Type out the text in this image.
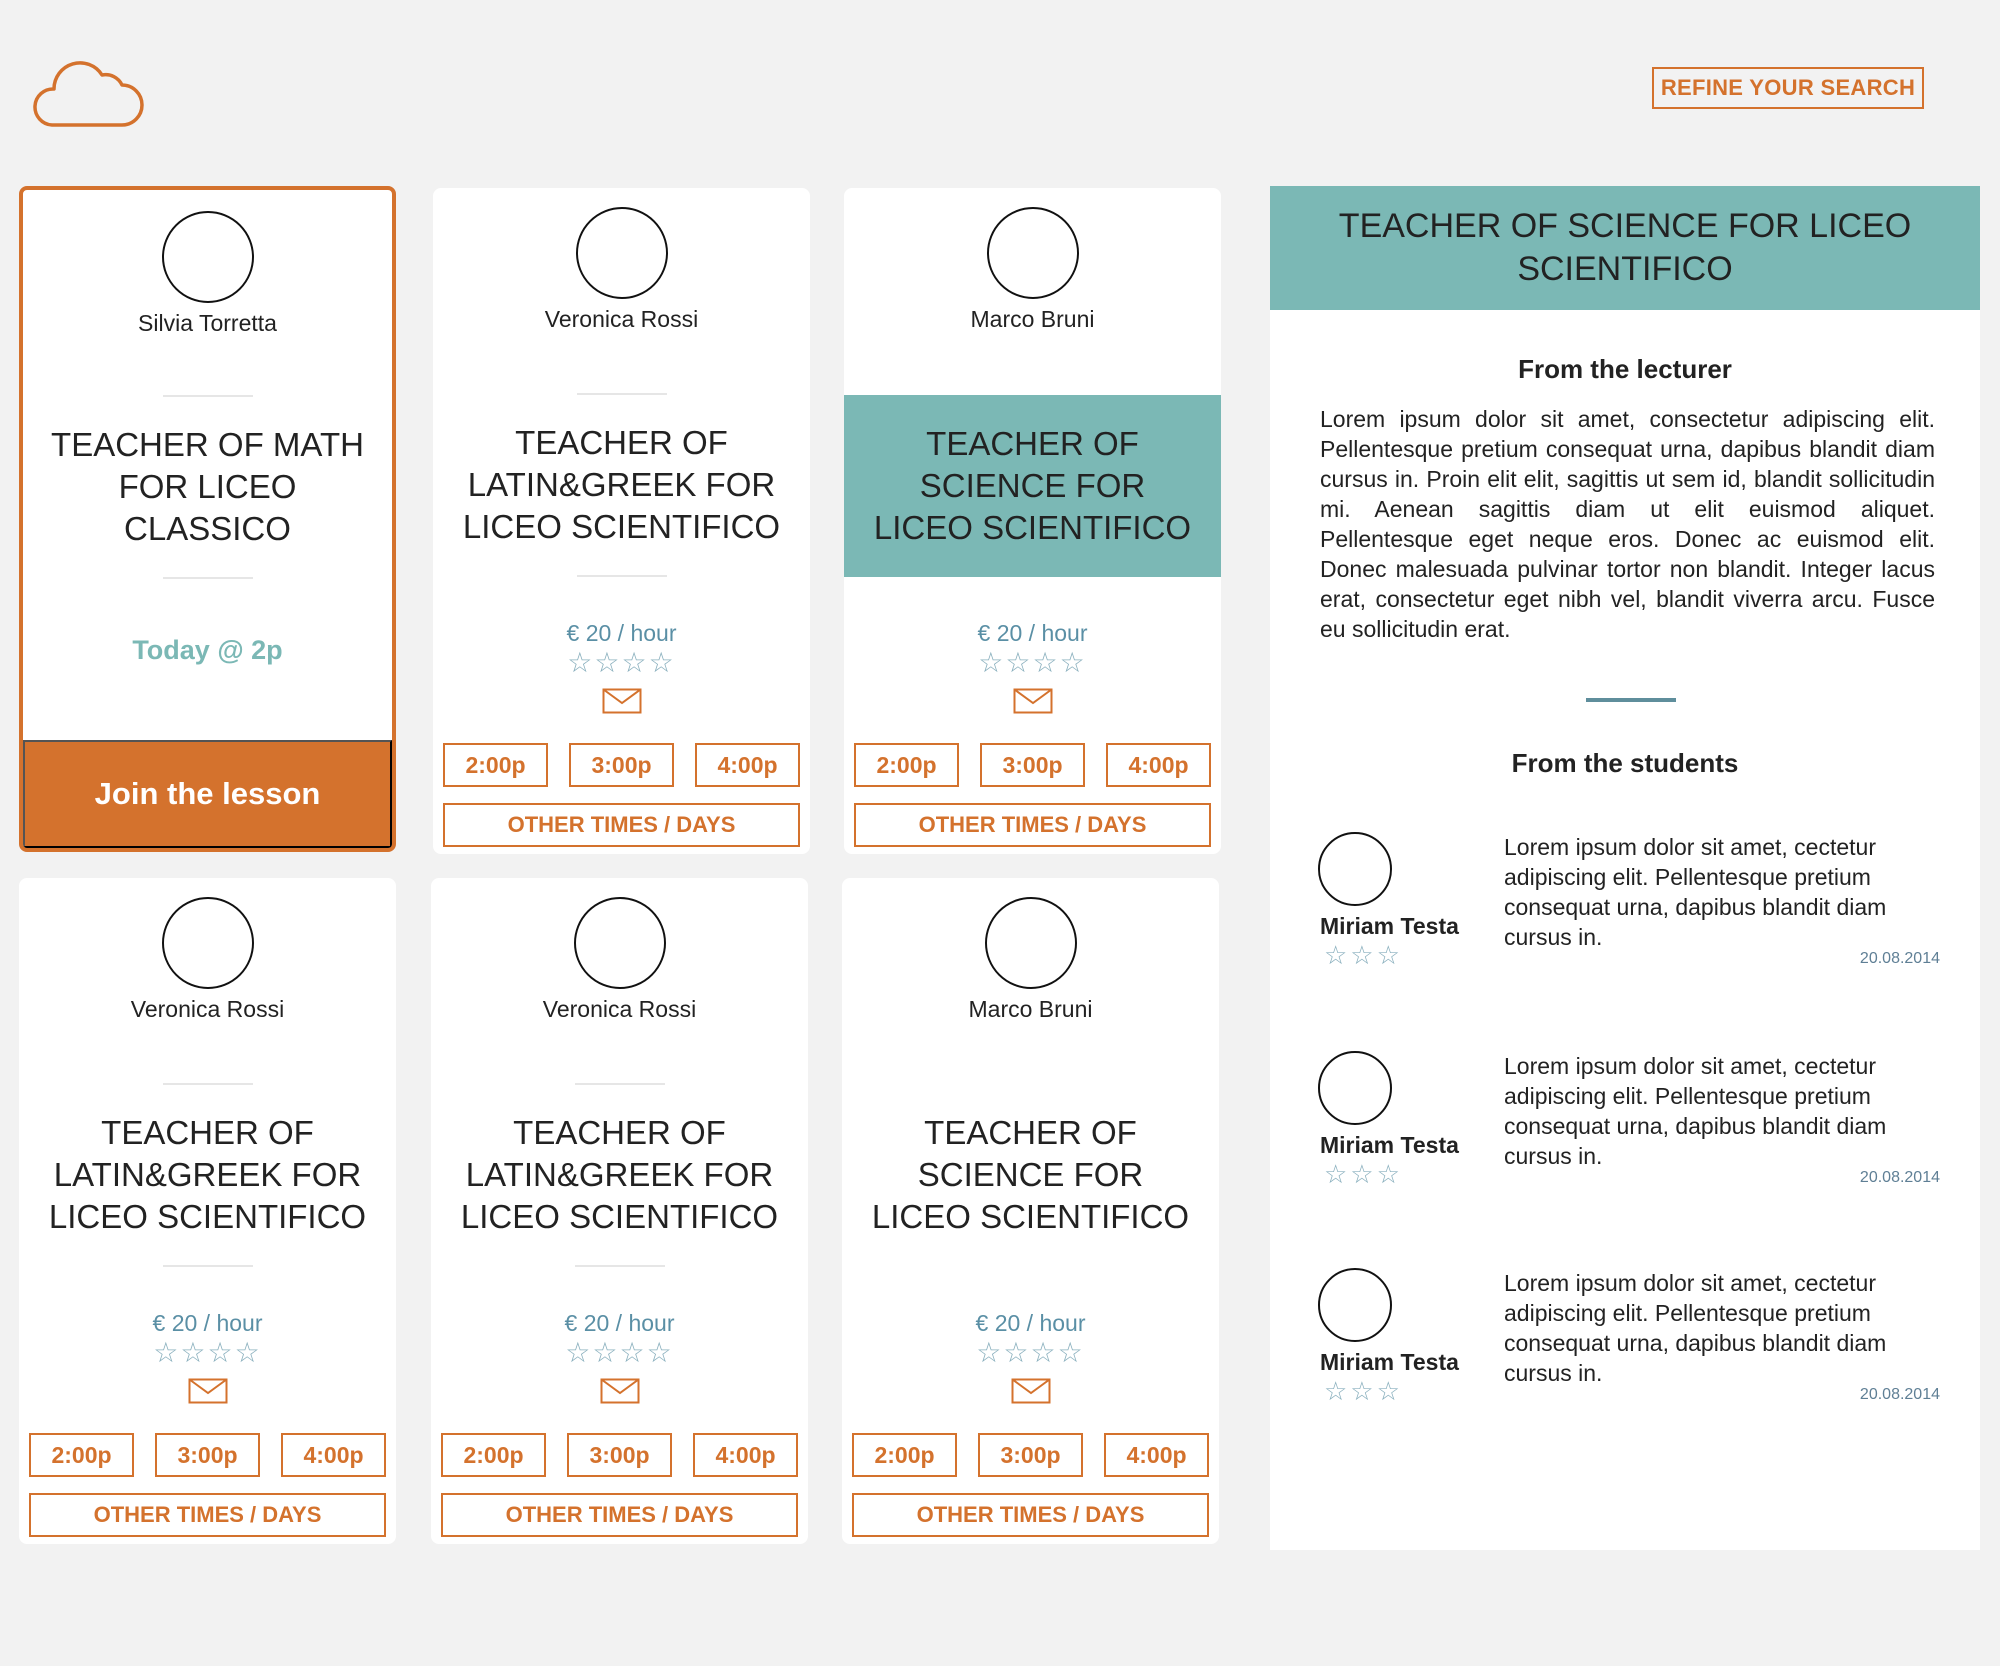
REFINE YOUR SEARCH
Silvia Torretta
TEACHER OF MATH FOR LICEO CLASSICO
Today @ 2p
Join the lesson
Veronica Rossi
TEACHER OF LATIN&GREEK FOR LICEO SCIENTIFICO
€ 20 / hour
☆☆☆☆
2:00p	3:00p	4:00p
OTHER TIMES / DAYS
Marco Bruni
TEACHER OF SCIENCE FOR LICEO SCIENTIFICO
€ 20 / hour
☆☆☆☆
2:00p	3:00p	4:00p
OTHER TIMES / DAYS
Veronica Rossi
TEACHER OF LATIN&GREEK FOR LICEO SCIENTIFICO
€ 20 / hour
☆☆☆☆
2:00p	3:00p	4:00p
OTHER TIMES / DAYS
Veronica Rossi
TEACHER OF LATIN&GREEK FOR LICEO SCIENTIFICO
€ 20 / hour
☆☆☆☆
2:00p	3:00p	4:00p
OTHER TIMES / DAYS
Marco Bruni
TEACHER OF SCIENCE FOR LICEO SCIENTIFICO
€ 20 / hour
☆☆☆☆
2:00p	3:00p	4:00p
OTHER TIMES / DAYS
TEACHER OF SCIENCE FOR LICEO SCIENTIFICO
From the lecturer

Lorem ipsum dolor sit amet, consectetur adipiscing elit. Pellentesque pretium consequat urna, dapibus blandit diam cursus in. Proin elit elit, sagittis ut sem id, blandit sollicitudin mi. Aenean sagittis diam ut elit euismod aliquet. Pellentesque eget neque eros. Donec ac euismod elit. Donec malesuada pulvinar tortor non blandit. Integer lacus erat, consectetur eget nibh vel, blandit viverra arcu. Fusce eu sollicitudin erat.

From the students
Miriam Testa
☆☆☆
Lorem ipsum dolor sit amet, cectetur adipiscing elit. Pellentesque pretium consequat urna, dapibus blandit diam cursus in.
20.08.2014
Miriam Testa
☆☆☆
Lorem ipsum dolor sit amet, cectetur adipiscing elit. Pellentesque pretium consequat urna, dapibus blandit diam cursus in.
20.08.2014
Miriam Testa
☆☆☆
Lorem ipsum dolor sit amet, cectetur adipiscing elit. Pellentesque pretium consequat urna, dapibus blandit diam cursus in.
20.08.2014
